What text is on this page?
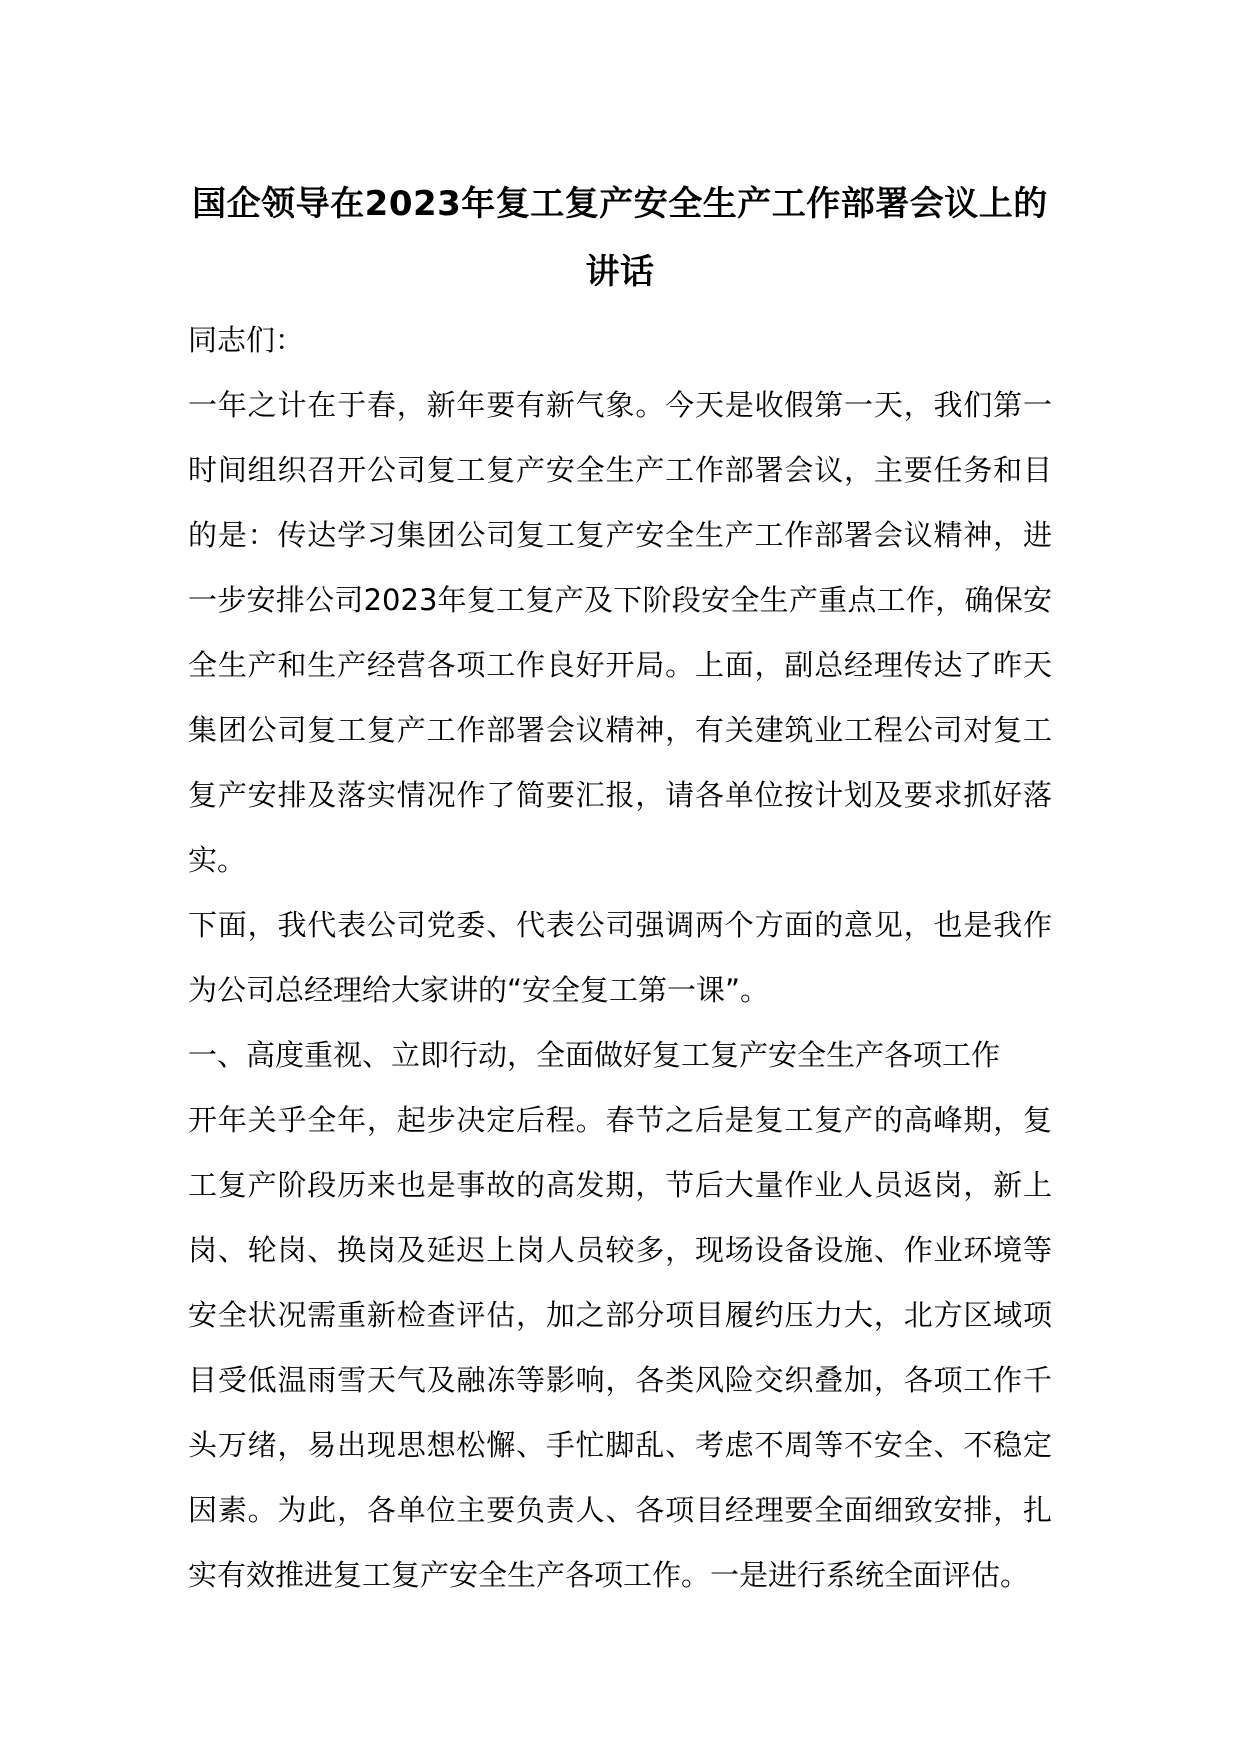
国企领导在2023年复工复产安全生产工作部署会议上的讲话

同志们：

一年之计在于春，新年要有新气象。今天是收假第一天，我们第一时间组织召开公司复工复产安全生产工作部署会议，主要任务和目的是：传达学习集团公司复工复产安全生产工作部署会议精神，进一步安排公司2023年复工复产及下阶段安全生产重点工作，确保安全生产和生产经营各项工作良好开局。上面，副总经理传达了昨天集团公司复工复产工作部署会议精神，有关建筑业工程公司对复工复产安排及落实情况作了简要汇报，请各单位按计划及要求抓好落实。

下面，我代表公司党委、代表公司强调两个方面的意见，也是我作为公司总经理给大家讲的“安全复工第一课”。

一、高度重视、立即行动，全面做好复工复产安全生产各项工作

开年关乎全年，起步决定后程。春节之后是复工复产的高峰期，复工复产阶段历来也是事故的高发期，节后大量作业人员返岗，新上岗、轮岗、换岗及延迟上岗人员较多，现场设备设施、作业环境等安全状况需重新检查评估，加之部分项目履约压力大，北方区域项目受低温雨雪天气及融冻等影响，各类风险交织叠加，各项工作千头万绪，易出现思想松懈、手忙脚乱、考虑不周等不安全、不稳定因素。为此，各单位主要负责人、各项目经理要全面细致安排，扎实有效推进复工复产安全生产各项工作。一是进行系统全面评估。
